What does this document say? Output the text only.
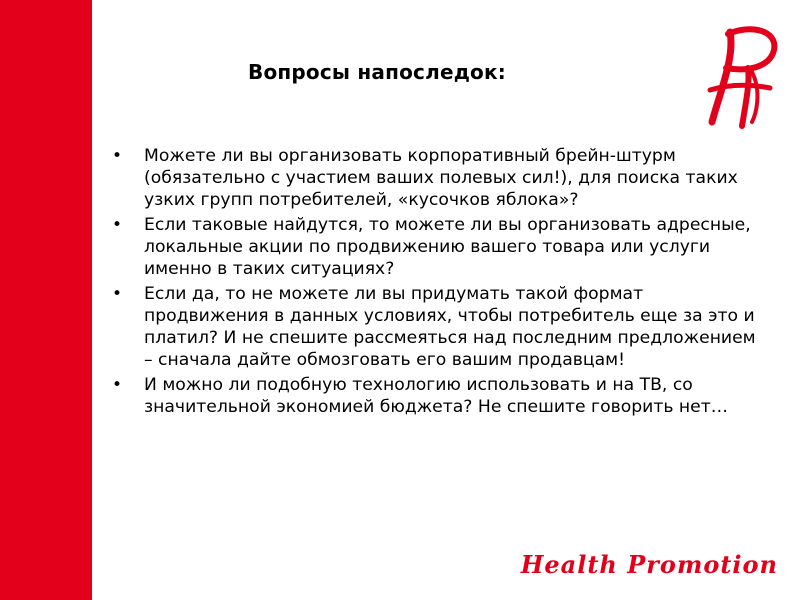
Вопросы напоследок:
• Можете ли вы организовать корпоративный брейн-штурм (обязательно с участием ваших полевых сил!), для поиска таких узких групп потребителей, «кусочков яблока»?
• Если таковые найдутся, то можете ли вы организовать адресные, локальные акции по продвижению вашего товара или услуги именно в таких ситуациях?
• Если да, то не можете ли вы придумать такой формат продвижения в данных условиях, чтобы потребитель еще за это и платил? И не спешите рассмеяться над последним предложением – сначала дайте обмозговать его вашим продавцам!
• И можно ли подобную технологию использовать и на ТВ, со значительной экономией бюджета? Не спешите говорить нет…
Health Promotion
